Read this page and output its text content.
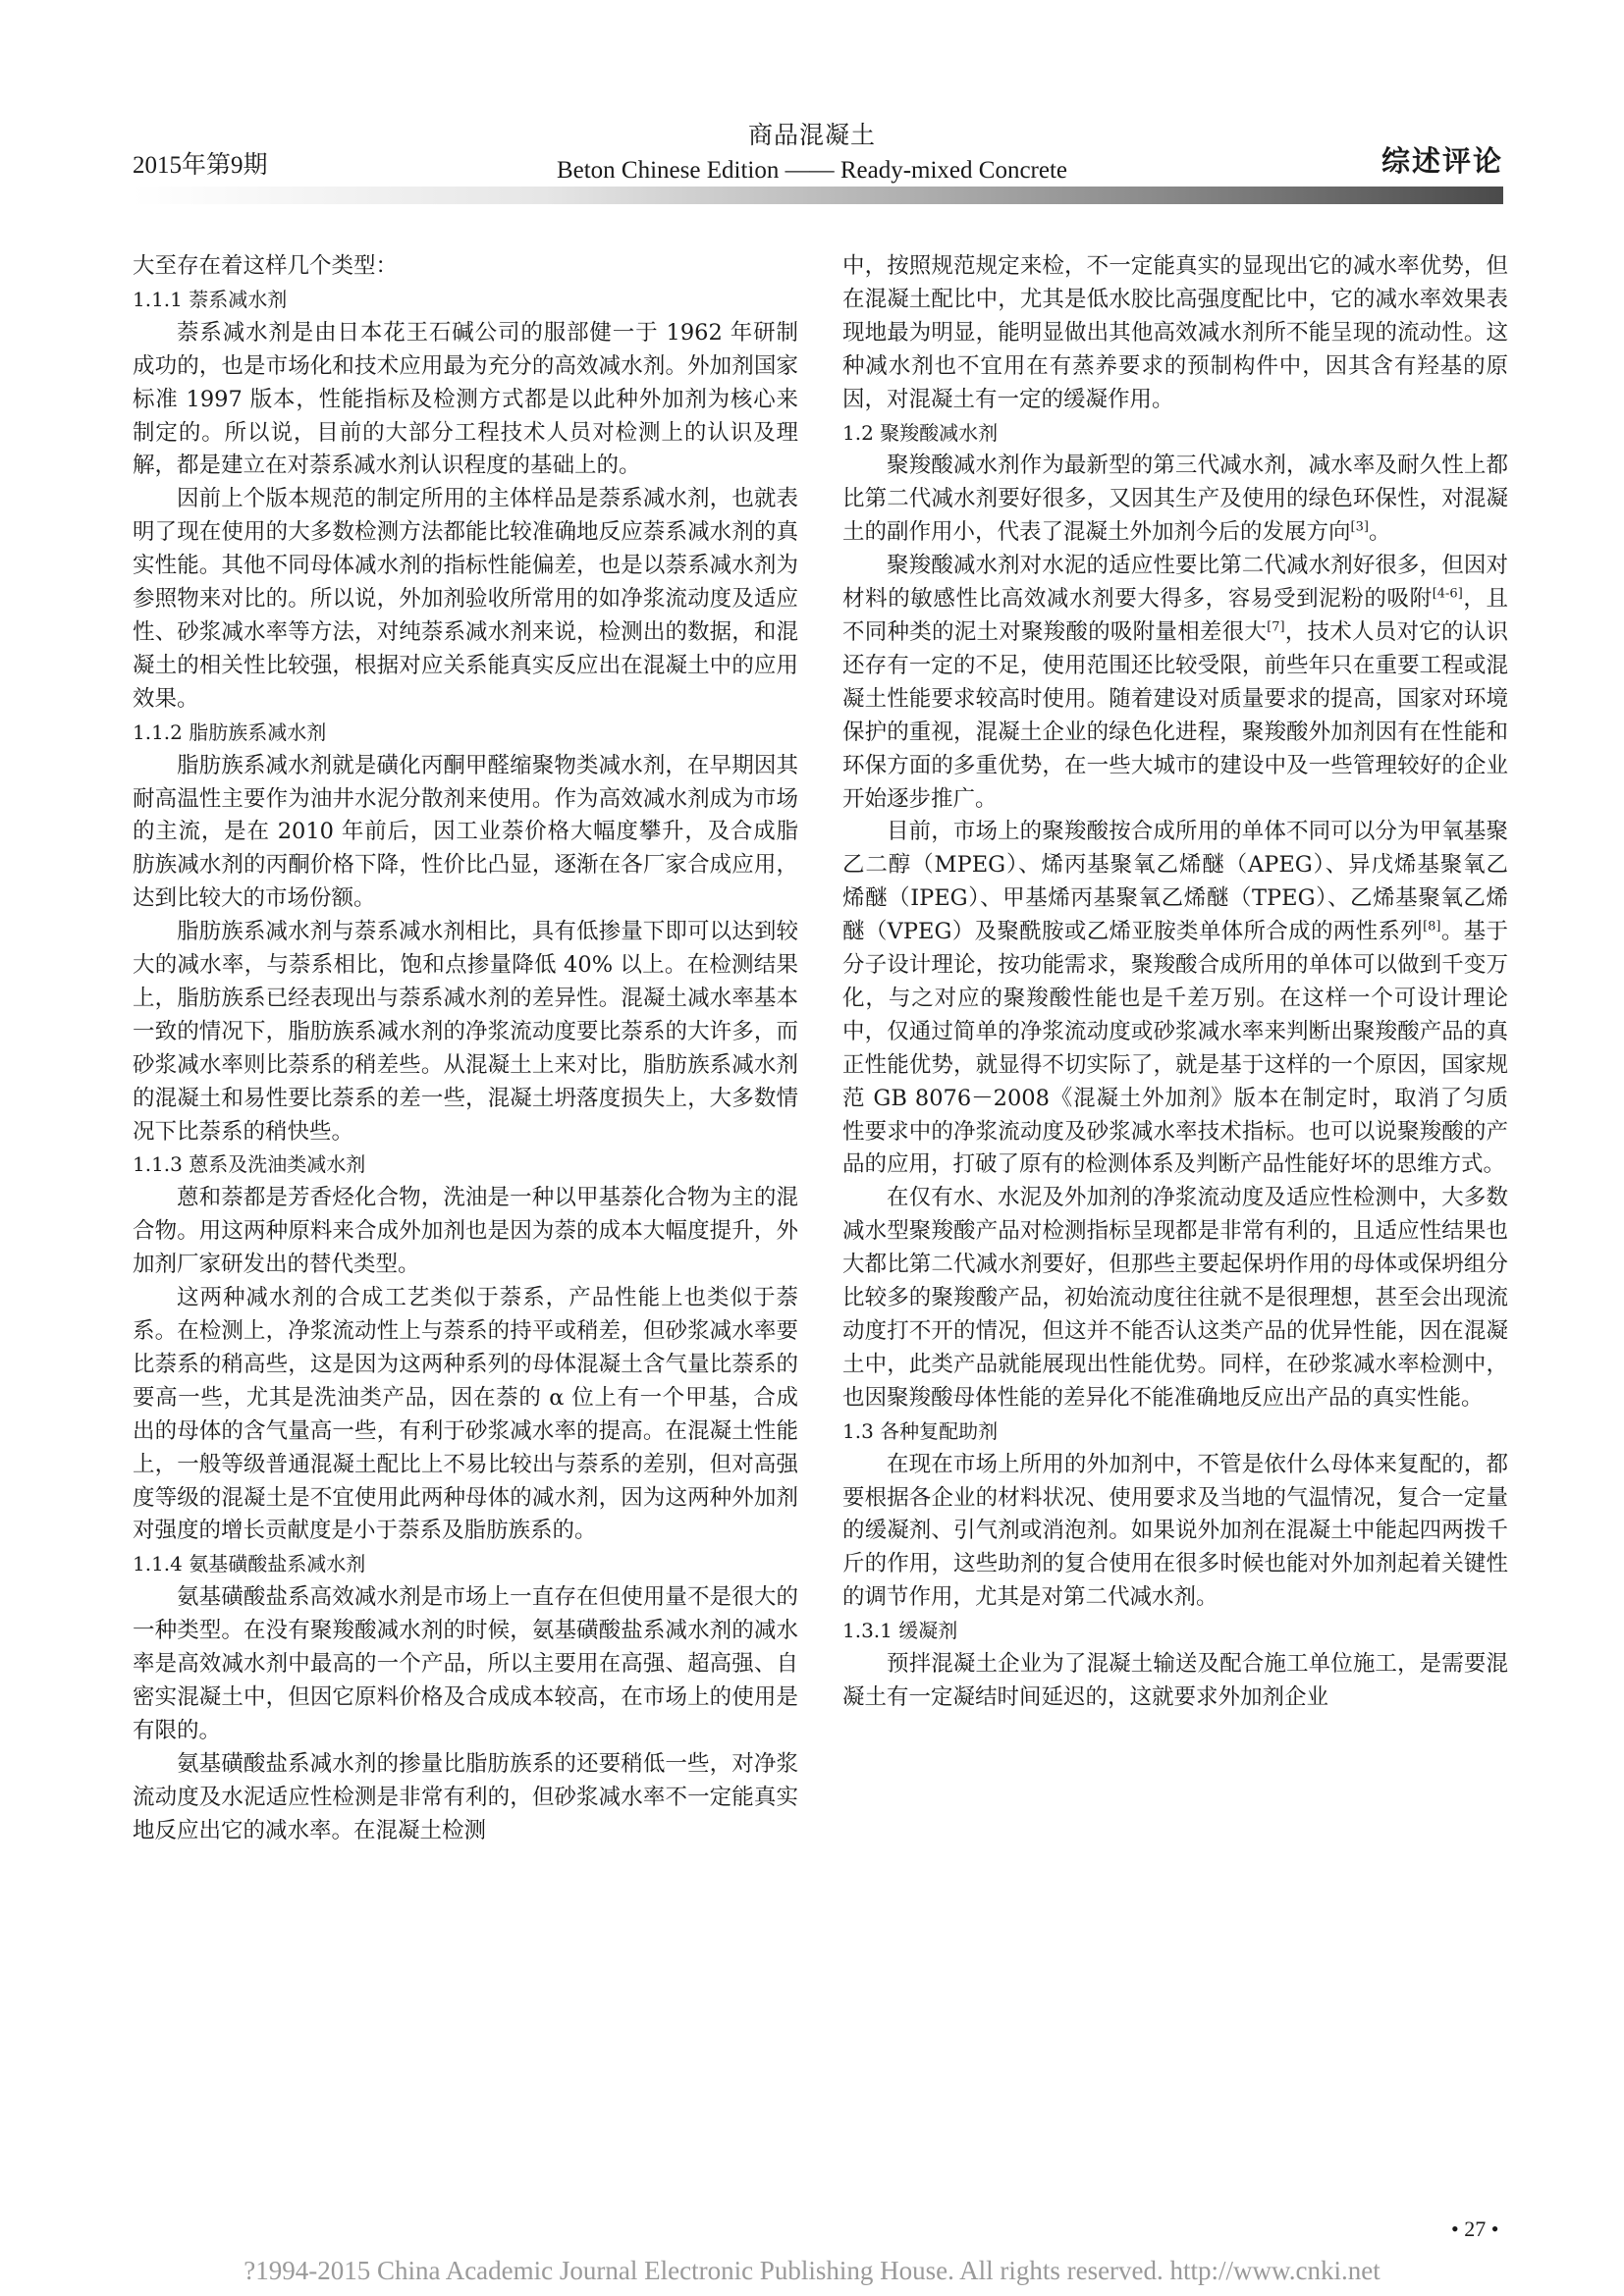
商品混凝土
Beton Chinese Edition —— Ready-mixed Concrete
2015年第9期	综述评论

大至存在着这样几个类型：

1.1.1 萘系减水剂

萘系减水剂是由日本花王石碱公司的服部健一于 1962 年研制成功的，也是市场化和技术应用最为充分的高效减水剂。外加剂国家标准 1997 版本，性能指标及检测方式都是以此种外加剂为核心来制定的。所以说，目前的大部分工程技术人员对检测上的认识及理解，都是建立在对萘系减水剂认识程度的基础上的。

因前上个版本规范的制定所用的主体样品是萘系减水剂，也就表明了现在使用的大多数检测方法都能比较准确地反应萘系减水剂的真实性能。其他不同母体减水剂的指标性能偏差，也是以萘系减水剂为参照物来对比的。所以说，外加剂验收所常用的如净浆流动度及适应性、砂浆减水率等方法，对纯萘系减水剂来说，检测出的数据，和混凝土的相关性比较强，根据对应关系能真实反应出在混凝土中的应用效果。

1.1.2 脂肪族系减水剂

脂肪族系减水剂就是磺化丙酮甲醛缩聚物类减水剂，在早期因其耐高温性主要作为油井水泥分散剂来使用。作为高效减水剂成为市场的主流，是在 2010 年前后，因工业萘价格大幅度攀升，及合成脂肪族减水剂的丙酮价格下降，性价比凸显，逐渐在各厂家合成应用，达到比较大的市场份额。

脂肪族系减水剂与萘系减水剂相比，具有低掺量下即可以达到较大的减水率，与萘系相比，饱和点掺量降低 40% 以上。在检测结果上，脂肪族系已经表现出与萘系减水剂的差异性。混凝土减水率基本一致的情况下，脂肪族系减水剂的净浆流动度要比萘系的大许多，而砂浆减水率则比萘系的稍差些。从混凝土上来对比，脂肪族系减水剂的混凝土和易性要比萘系的差一些，混凝土坍落度损失上，大多数情况下比萘系的稍快些。

1.1.3 蒽系及洗油类减水剂

蒽和萘都是芳香烃化合物，洗油是一种以甲基萘化合物为主的混合物。用这两种原料来合成外加剂也是因为萘的成本大幅度提升，外加剂厂家研发出的替代类型。

这两种减水剂的合成工艺类似于萘系，产品性能上也类似于萘系。在检测上，净浆流动性上与萘系的持平或稍差，但砂浆减水率要比萘系的稍高些，这是因为这两种系列的母体混凝土含气量比萘系的要高一些，尤其是洗油类产品，因在萘的 α 位上有一个甲基，合成出的母体的含气量高一些，有利于砂浆减水率的提高。在混凝土性能上，一般等级普通混凝土配比上不易比较出与萘系的差别，但对高强度等级的混凝土是不宜使用此两种母体的减水剂，因为这两种外加剂对强度的增长贡献度是小于萘系及脂肪族系的。

1.1.4 氨基磺酸盐系减水剂

氨基磺酸盐系高效减水剂是市场上一直存在但使用量不是很大的一种类型。在没有聚羧酸减水剂的时候，氨基磺酸盐系减水剂的减水率是高效减水剂中最高的一个产品，所以主要用在高强、超高强、自密实混凝土中，但因它原料价格及合成成本较高，在市场上的使用是有限的。

氨基磺酸盐系减水剂的掺量比脂肪族系的还要稍低一些，对净浆流动度及水泥适应性检测是非常有利的，但砂浆减水率不一定能真实地反应出它的减水率。在混凝土检测

中，按照规范规定来检，不一定能真实的显现出它的减水率优势，但在混凝土配比中，尤其是低水胶比高强度配比中，它的减水率效果表现地最为明显，能明显做出其他高效减水剂所不能呈现的流动性。这种减水剂也不宜用在有蒸养要求的预制构件中，因其含有羟基的原因，对混凝土有一定的缓凝作用。

1.2 聚羧酸减水剂

聚羧酸减水剂作为最新型的第三代减水剂，减水率及耐久性上都比第二代减水剂要好很多，又因其生产及使用的绿色环保性，对混凝土的副作用小，代表了混凝土外加剂今后的发展方向[3]。

聚羧酸减水剂对水泥的适应性要比第二代减水剂好很多，但因对材料的敏感性比高效减水剂要大得多，容易受到泥粉的吸附[4-6]，且不同种类的泥土对聚羧酸的吸附量相差很大[7]，技术人员对它的认识还存有一定的不足，使用范围还比较受限，前些年只在重要工程或混凝土性能要求较高时使用。随着建设对质量要求的提高，国家对环境保护的重视，混凝土企业的绿色化进程，聚羧酸外加剂因有在性能和环保方面的多重优势，在一些大城市的建设中及一些管理较好的企业开始逐步推广。

目前，市场上的聚羧酸按合成所用的单体不同可以分为甲氧基聚乙二醇（MPEG）、烯丙基聚氧乙烯醚（APEG）、异戊烯基聚氧乙烯醚（IPEG）、甲基烯丙基聚氧乙烯醚（TPEG）、乙烯基聚氧乙烯醚（VPEG）及聚酰胺或乙烯亚胺类单体所合成的两性系列[8]。基于分子设计理论，按功能需求，聚羧酸合成所用的单体可以做到千变万化，与之对应的聚羧酸性能也是千差万别。在这样一个可设计理论中，仅通过简单的净浆流动度或砂浆减水率来判断出聚羧酸产品的真正性能优势，就显得不切实际了，就是基于这样的一个原因，国家规范 GB 8076－2008《混凝土外加剂》版本在制定时，取消了匀质性要求中的净浆流动度及砂浆减水率技术指标。也可以说聚羧酸的产品的应用，打破了原有的检测体系及判断产品性能好坏的思维方式。

在仅有水、水泥及外加剂的净浆流动度及适应性检测中，大多数减水型聚羧酸产品对检测指标呈现都是非常有利的，且适应性结果也大都比第二代减水剂要好，但那些主要起保坍作用的母体或保坍组分比较多的聚羧酸产品，初始流动度往往就不是很理想，甚至会出现流动度打不开的情况，但这并不能否认这类产品的优异性能，因在混凝土中，此类产品就能展现出性能优势。同样，在砂浆减水率检测中，也因聚羧酸母体性能的差异化不能准确地反应出产品的真实性能。

1.3 各种复配助剂

在现在市场上所用的外加剂中，不管是依什么母体来复配的，都要根据各企业的材料状况、使用要求及当地的气温情况，复合一定量的缓凝剂、引气剂或消泡剂。如果说外加剂在混凝土中能起四两拨千斤的作用，这些助剂的复合使用在很多时候也能对外加剂起着关键性的调节作用，尤其是对第二代减水剂。

1.3.1 缓凝剂

预拌混凝土企业为了混凝土输送及配合施工单位施工，是需要混凝土有一定凝结时间延迟的，这就要求外加剂企业

• 27 •
?1994-2015 China Academic Journal Electronic Publishing House. All rights reserved. http://www.cnki.net
